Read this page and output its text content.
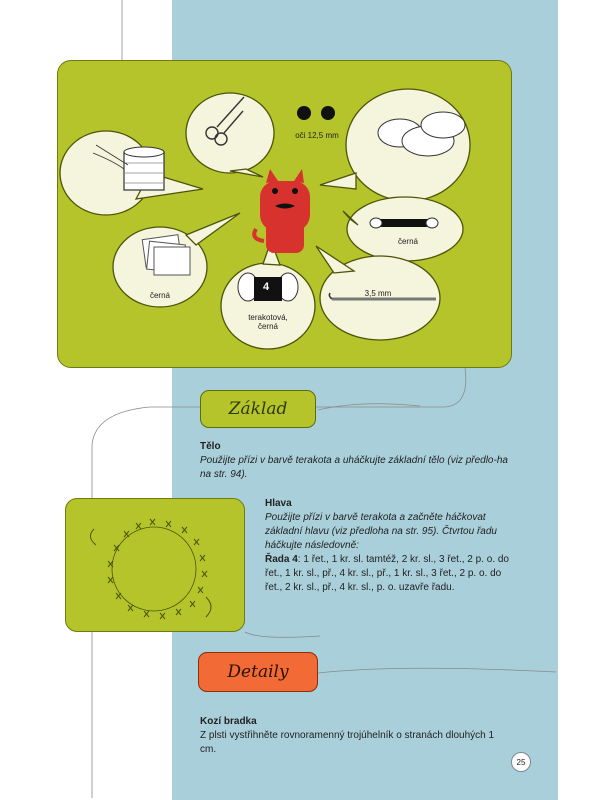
oči 12,5 mm
černá
3,5 mm
černá
terakotová,
černá
4
Základ
Tělo
Použijte přízi v barvě terakota a uháčkujte základní tělo (viz předlo-ha na str. 94).
Hlava
Použijte přízi v barvě terakota a začněte háčkovat základní hlavu (viz předloha na str. 95). Čtvrtou řadu háčkujte následovně:
Řada 4: 1 řet., 1 kr. sl. tamtéž, 2 kr. sl., 3 řet., 2 p. o. do řet., 1 kr. sl., př., 4 kr. sl., př., 1 kr. sl., 3 řet., 2 p. o. do řet., 2 kr. sl., př., 4 kr. sl., p. o. uzavře řadu.
Detaily
Kozí bradka
Z plsti vystřihněte rovnoramenný trojúhelník o stranách dlouhých 1 cm.
25
